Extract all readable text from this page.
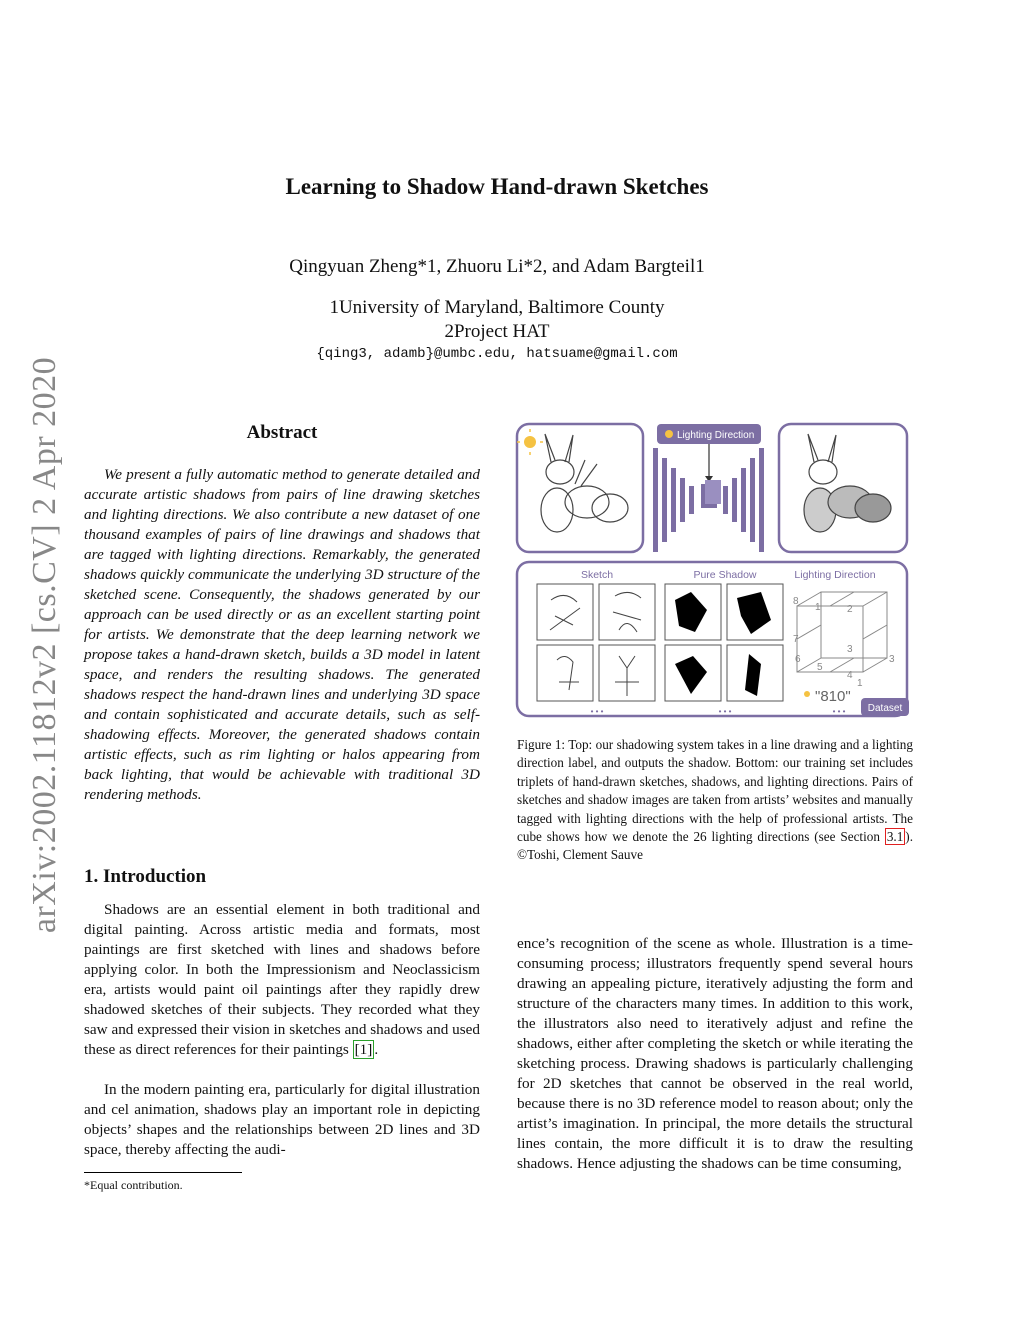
arXiv:2002.11812v2 [cs.CV] 2 Apr 2020
Learning to Shadow Hand-drawn Sketches
Qingyuan Zheng*1, Zhuoru Li*2, and Adam Bargteil1
1University of Maryland, Baltimore County
2Project HAT
{qing3, adamb}@umbc.edu, hatsuame@gmail.com
Abstract

We present a fully automatic method to generate detailed and accurate artistic shadows from pairs of line drawing sketches and lighting directions. We also contribute a new dataset of one thousand examples of pairs of line drawings and shadows that are tagged with lighting directions. Remarkably, the generated shadows quickly communicate the underlying 3D structure of the sketched scene. Consequently, the shadows generated by our approach can be used directly or as an excellent starting point for artists. We demonstrate that the deep learning network we propose takes a hand-drawn sketch, builds a 3D model in latent space, and renders the resulting shadows. The generated shadows respect the hand-drawn lines and underlying 3D space and contain sophisticated and accurate details, such as self-shadowing effects. Moreover, the generated shadows contain artistic effects, such as rim lighting or halos appearing from back lighting, that would be achievable with traditional 3D rendering methods.

1. Introduction

Shadows are an essential element in both traditional and digital painting. Across artistic media and formats, most paintings are first sketched with lines and shadows before applying color. In both the Impressionism and Neoclassicism era, artists would paint oil paintings after they rapidly drew shadowed sketches of their subjects. They recorded what they saw and expressed their vision in sketches and shadows and used these as direct references for their paintings [1] .

In the modern painting era, particularly for digital illustration and cel animation, shadows play an important role in depicting objects’ shapes and the relationships between 2D lines and 3D space, thereby affecting the audi-

*Equal contribution.
Lighting Direction
Sketch	Pure Shadow	Lighting Direction
8
1	2
7
3
6
5
4
3
1
"810"
Dataset
• • •	• • •	• • •

Figure 1: Top: our shadowing system takes in a line drawing and a lighting direction label, and outputs the shadow. Bottom: our training set includes triplets of hand-drawn sketches, shadows, and lighting directions. Pairs of sketches and shadow images are taken from artists’ websites and manually tagged with lighting directions with the help of professional artists. The cube shows how we denote the 26 lighting directions (see Section 3.1 ). ©Toshi, Clement Sauve

ence’s recognition of the scene as whole. Illustration is a time-consuming process; illustrators frequently spend several hours drawing an appealing picture, iteratively adjusting the form and structure of the characters many times. In addition to this work, the illustrators also need to iteratively adjust and refine the shadows, either after completing the sketch or while iterating the sketching process. Drawing shadows is particularly challenging for 2D sketches that cannot be observed in the real world, because there is no 3D reference model to reason about; only the artist’s imagination. In principal, the more details the structural lines contain, the more difficult it is to draw the resulting shadows. Hence adjusting the shadows can be time consuming,
